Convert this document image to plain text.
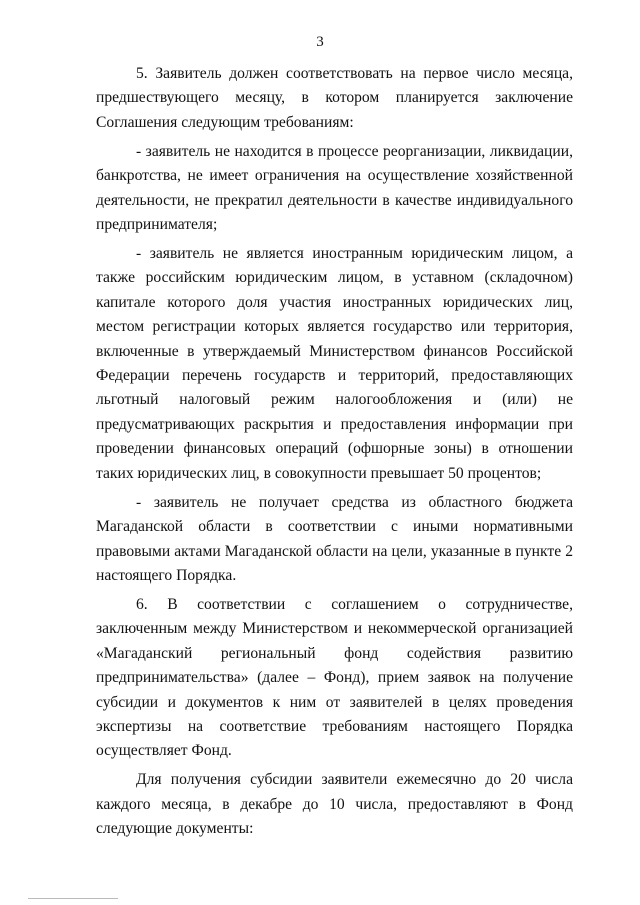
3

5. Заявитель должен соответствовать на первое число месяца, предшествующего месяцу, в котором планируется заключение Соглашения следующим требованиям:

- заявитель не находится в процессе реорганизации, ликвидации, банкротства, не имеет ограничения на осуществление хозяйственной деятельности, не прекратил деятельности в качестве индивидуального предпринимателя;

- заявитель не является иностранным юридическим лицом, а также российским юридическим лицом, в уставном (складочном) капитале которого доля участия иностранных юридических лиц, местом регистрации которых является государство или территория, включенные в утверждаемый Министерством финансов Российской Федерации перечень государств и территорий, предоставляющих льготный налоговый режим налогообложения и (или) не предусматривающих раскрытия и предоставления информации при проведении финансовых операций (офшорные зоны) в отношении таких юридических лиц, в совокупности превышает 50 процентов;

- заявитель не получает средства из областного бюджета Магаданской области в соответствии с иными нормативными правовыми актами Магаданской области на цели, указанные в пункте 2 настоящего Порядка.

6. В соответствии с соглашением о сотрудничестве, заключенным между Министерством и некоммерческой организацией «Магаданский региональный фонд содействия развитию предпринимательства» (далее – Фонд), прием заявок на получение субсидии и документов к ним от заявителей в целях проведения экспертизы на соответствие требованиям настоящего Порядка осуществляет Фонд.

Для получения субсидии заявители ежемесячно до 20 числа каждого месяца, в декабре до 10 числа, предоставляют в Фонд следующие документы:
